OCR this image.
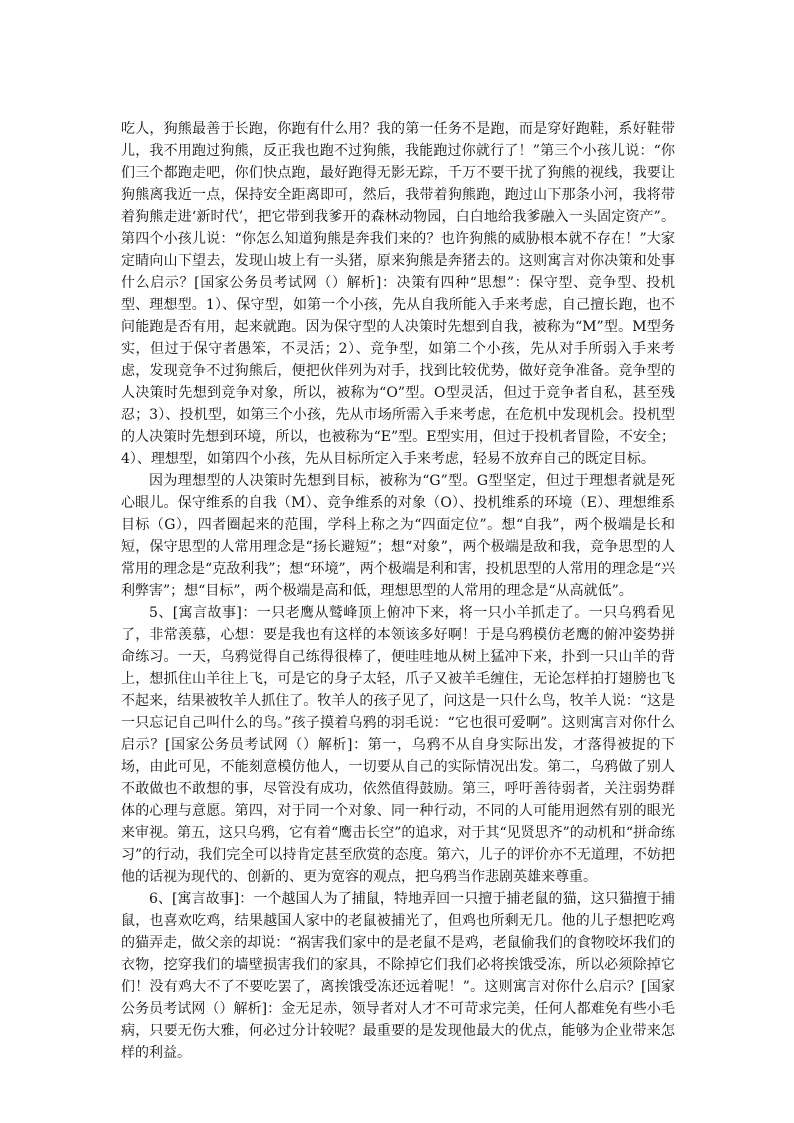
吃人，狗熊最善于长跑，你跑有什么用？我的第一任务不是跑，而是穿好跑鞋，系好鞋带儿，我不用跑过狗熊，反正我也跑不过狗熊，我能跑过你就行了！”第三个小孩儿说：“你们三个都跑走吧，你们快点跑，最好跑得无影无踪，千万不要干扰了狗熊的视线，我要让狗熊离我近一点，保持安全距离即可，然后，我带着狗熊跑，跑过山下那条小河，我将带着狗熊走进‘新时代’，把它带到我爹开的森林动物园，白白地给我爹融入一头固定资产”。第四个小孩儿说：“你怎么知道狗熊是奔我们来的？也许狗熊的威胁根本就不存在！”大家定睛向山下望去，发现山坡上有一头猪，原来狗熊是奔猪去的。这则寓言对你决策和处事什么启示？[国家公务员考试网（）解析]：决策有四种“思想”：保守型、竞争型、投机型、理想型。1）、保守型，如第一个小孩，先从自我所能入手来考虑，自己擅长跑，也不问能跑是否有用，起来就跑。因为保守型的人决策时先想到自我，被称为“M”型。M型务实，但过于保守者愚笨，不灵活；2）、竞争型，如第二个小孩，先从对手所弱入手来考虑，发现竞争不过狗熊后，便把伙伴列为对手，找到比较优势，做好竞争准备。竞争型的人决策时先想到竞争对象，所以，被称为“O”型。O型灵活，但过于竞争者自私，甚至残忍；3）、投机型，如第三个小孩，先从市场所需入手来考虑，在危机中发现机会。投机型的人决策时先想到环境，所以，也被称为“E”型。E型实用，但过于投机者冒险，不安全；4）、理想型，如第四个小孩，先从目标所定入手来考虑，轻易不放弃自己的既定目标。

因为理想型的人决策时先想到目标，被称为“G”型。G型坚定，但过于理想者就是死心眼儿。保守维系的自我（M）、竞争维系的对象（O）、投机维系的环境（E）、理想维系目标（G），四者圈起来的范围，学科上称之为“四面定位”。想“自我”，两个极端是长和短，保守思型的人常用理念是“扬长避短”；想“对象”，两个极端是敌和我，竞争思型的人常用的理念是“克敌利我”；想“环境”，两个极端是利和害，投机思型的人常用的理念是“兴利弊害”；想“目标”，两个极端是高和低，理想思型的人常用的理念是“从高就低”。

5、[寓言故事]：一只老鹰从鹫峰顶上俯冲下来，将一只小羊抓走了。一只乌鸦看见了，非常羡慕，心想：要是我也有这样的本领该多好啊！于是乌鸦模仿老鹰的俯冲姿势拼命练习。一天，乌鸦觉得自己练得很棒了，便哇哇地从树上猛冲下来，扑到一只山羊的背上，想抓住山羊往上飞，可是它的身子太轻，爪子又被羊毛缠住，无论怎样拍打翅膀也飞不起来，结果被牧羊人抓住了。牧羊人的孩子见了，问这是一只什么鸟，牧羊人说：“这是一只忘记自己叫什么的鸟。”孩子摸着乌鸦的羽毛说：“它也很可爱啊”。这则寓言对你什么启示？[国家公务员考试网（）解析]：第一，乌鸦不从自身实际出发，才落得被捉的下场，由此可见，不能刻意模仿他人，一切要从自己的实际情况出发。第二，乌鸦做了别人不敢做也不敢想的事，尽管没有成功，依然值得鼓励。第三，呼吁善待弱者，关注弱势群体的心理与意愿。第四，对于同一个对象、同一种行动，不同的人可能用迥然有别的眼光来审视。第五，这只乌鸦，它有着“鹰击长空”的追求，对于其“见贤思齐”的动机和“拼命练习”的行动，我们完全可以持肯定甚至欣赏的态度。第六，儿子的评价亦不无道理，不妨把他的话视为现代的、创新的、更为宽容的观点，把乌鸦当作悲剧英雄来尊重。

6、[寓言故事]：一个越国人为了捕鼠，特地弄回一只擅于捕老鼠的猫，这只猫擅于捕鼠，也喜欢吃鸡，结果越国人家中的老鼠被捕光了，但鸡也所剩无几。他的儿子想把吃鸡的猫弄走，做父亲的却说：“祸害我们家中的是老鼠不是鸡，老鼠偷我们的食物咬坏我们的衣物，挖穿我们的墙壁损害我们的家具，不除掉它们我们必将挨饿受冻，所以必须除掉它们！没有鸡大不了不要吃罢了，离挨饿受冻还远着呢！”。这则寓言对你什么启示？[国家公务员考试网（）解析]：金无足赤，领导者对人才不可苛求完美，任何人都难免有些小毛病，只要无伤大雅，何必过分计较呢？最重要的是发现他最大的优点，能够为企业带来怎样的利益。
